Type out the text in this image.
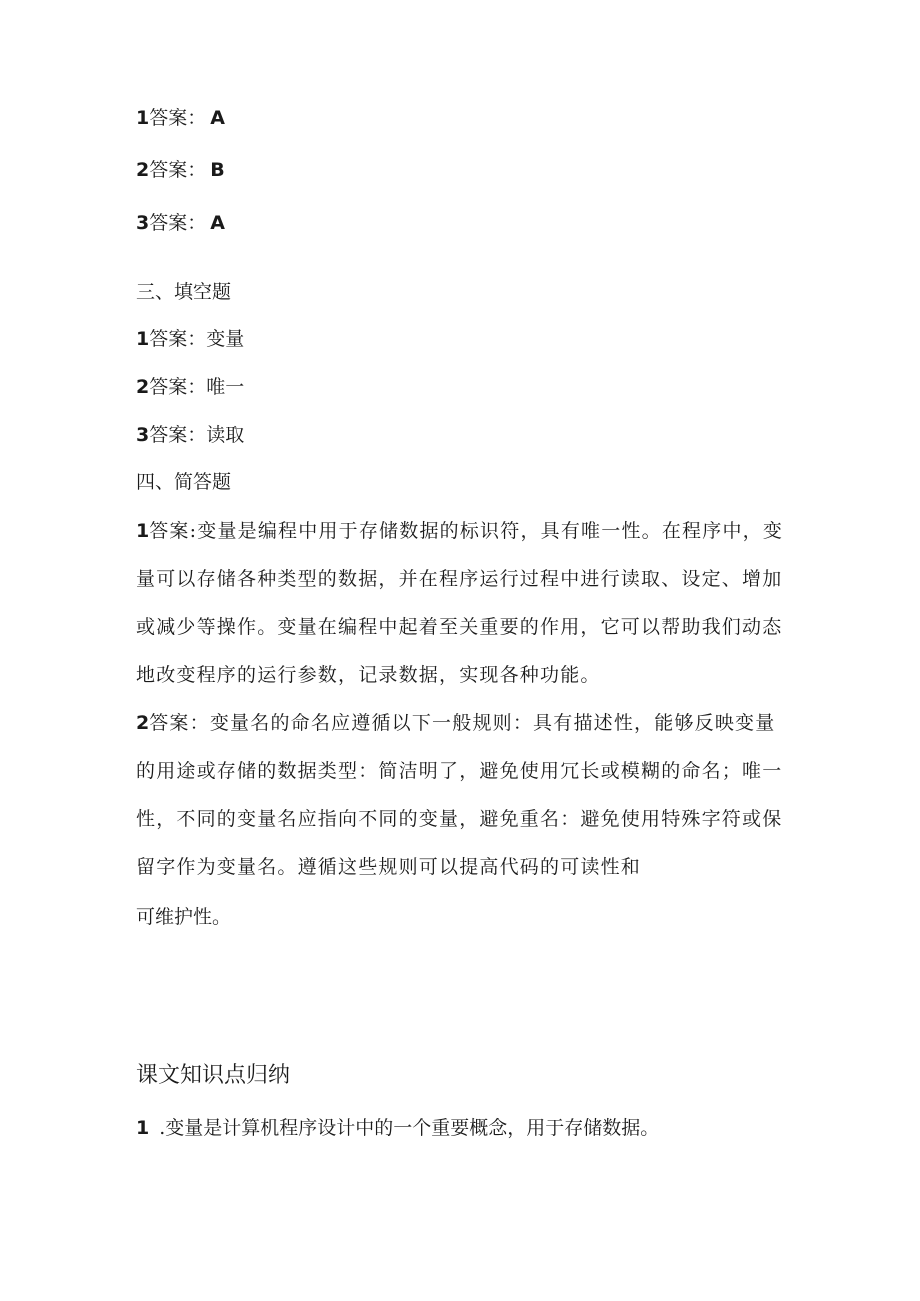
1答案： A
2答案： B
3答案： A
三、填空题
1答案：变量
2答案：唯一
3答案：读取
四、简答题
1答案:变量是编程中用于存储数据的标识符，具有唯一性。在程序中，变量可以存储各种类型的数据，并在程序运行过程中进行读取、设定、增加或减少等操作。变量在编程中起着至关重要的作用，它可以帮助我们动态地改变程序的运行参数，记录数据，实现各种功能。
2答案：变量名的命名应遵循以下一般规则：具有描述性，能够反映变量的用途或存储的数据类型：简洁明了，避免使用冗长或模糊的命名；唯一性，不同的变量名应指向不同的变量，避免重名：避免使用特殊字符或保留字作为变量名。遵循这些规则可以提高代码的可读性和
可维护性。
课文知识点归纳
1 .变量是计算机程序设计中的一个重要概念，用于存储数据。
